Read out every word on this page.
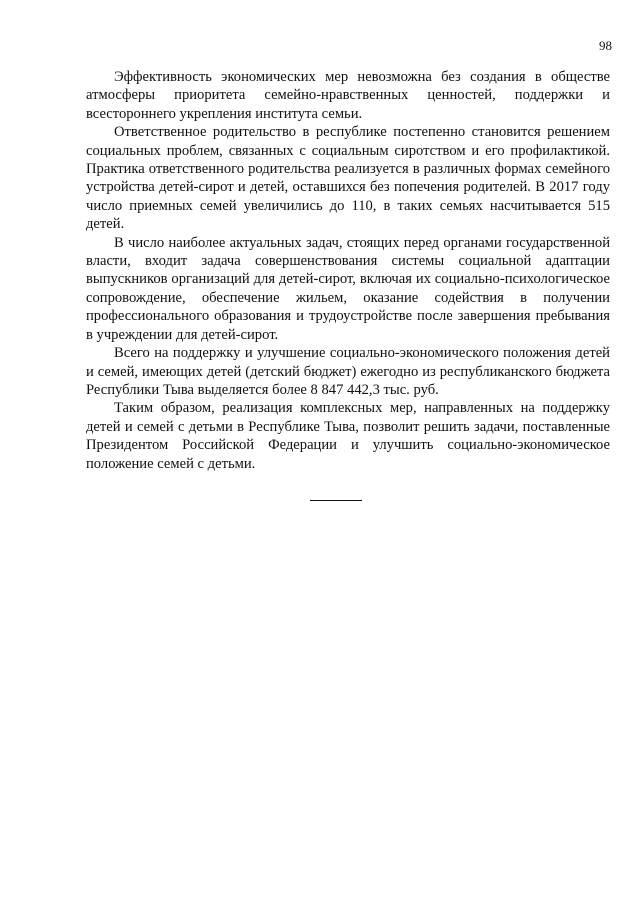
98

Эффективность экономических мер невозможна без создания в обществе атмосферы приоритета семейно-нравственных ценностей, поддержки и всестороннего укрепления института семьи.

Ответственное родительство в республике постепенно становится решением социальных проблем, связанных с социальным сиротством и его профилактикой. Практика ответственного родительства реализуется в различных формах семейного устройства детей-сирот и детей, оставшихся без попечения родителей. В 2017 году число приемных семей увеличились до 110, в таких семьях насчитывается 515 детей.

В число наиболее актуальных задач, стоящих перед органами государственной власти, входит задача совершенствования системы социальной адаптации выпускников организаций для детей-сирот, включая их социально-психологическое сопровождение, обеспечение жильем, оказание содействия в получении профессионального образования и трудоустройстве после завершения пребывания в учреждении для детей-сирот.

Всего на поддержку и улучшение социально-экономического положения детей и семей, имеющих детей (детский бюджет) ежегодно из республиканского бюджета Республики Тыва выделяется более 8 847 442,3 тыс. руб.

Таким образом, реализация комплексных мер, направленных на поддержку детей и семей с детьми в Республике Тыва, позволит решить задачи, поставленные Президентом Российской Федерации и улучшить социально-экономическое положение семей с детьми.
